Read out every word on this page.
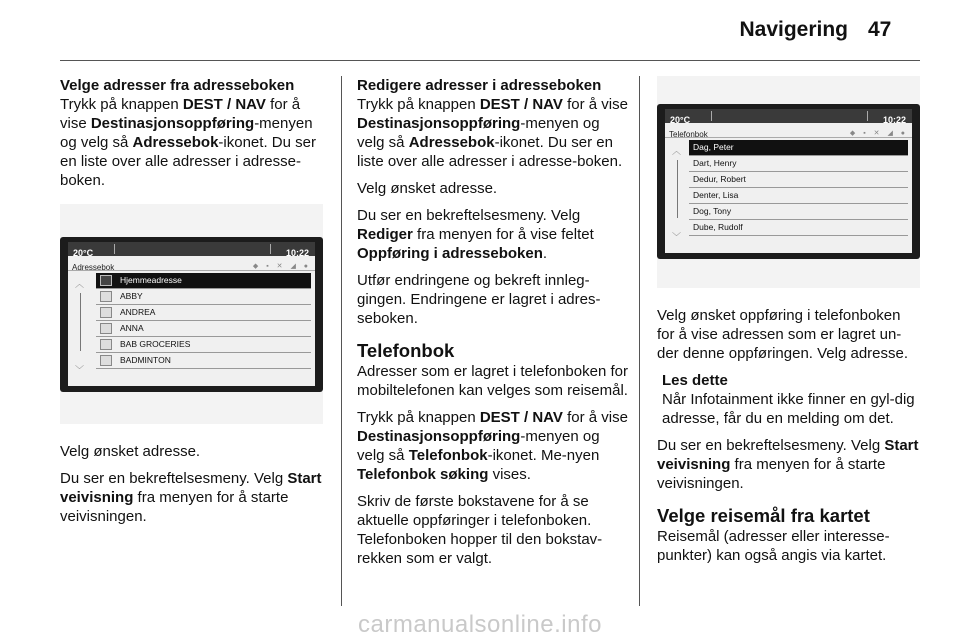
Navigering 47
Velge adresser fra adresseboken

Trykk på knappen DEST / NAV for å vise Destinasjonsoppføring-menyen og velg så Adressebok-ikonet. Du ser en liste over alle adresser i adresse-boken.

20°C	10:22
Adressebok	◆ ▪ ✕ ◢ ●
︿
﹀
Hjemmeadresse
ABBY
ANDREA
ANNA
BAB GROCERIES
BADMINTON

Velg ønsket adresse.

Du ser en bekreftelsesmeny. Velg Start veivisning fra menyen for å starte veivisningen.

Redigere adresser i adresseboken

Trykk på knappen DEST / NAV for å vise Destinasjonsoppføring-menyen og velg så Adressebok-ikonet. Du ser en liste over alle adresser i adresse-boken.

Velg ønsket adresse.

Du ser en bekreftelsesmeny. Velg Rediger fra menyen for å vise feltet Oppføring i adresseboken.

Utfør endringene og bekreft innleg-gingen. Endringene er lagret i adres-seboken.

Telefonbok

Adresser som er lagret i telefonboken for mobiltelefonen kan velges som reisemål.

Trykk på knappen DEST / NAV for å vise Destinasjonsoppføring-menyen og velg så Telefonbok-ikonet. Me-nyen Telefonbok søking vises.

Skriv de første bokstavene for å se aktuelle oppføringer i telefonboken. Telefonboken hopper til den bokstav-rekken som er valgt.

20°C	10:22
Telefonbok	◆ ▪ ✕ ◢ ●
︿
﹀
Dag, Peter
Dart, Henry
Dedur, Robert
Denter, Lisa
Dog, Tony
Dube, Rudolf

Velg ønsket oppføring i telefonboken for å vise adressen som er lagret un-der denne oppføringen. Velg adresse.

Les dette

Når Infotainment ikke finner en gyl-dig adresse, får du en melding om det.

Du ser en bekreftelsesmeny. Velg Start veivisning fra menyen for å starte veivisningen.

Velge reisemål fra kartet

Reisemål (adresser eller interesse-punkter) kan også angis via kartet.

carmanualsonline.info
